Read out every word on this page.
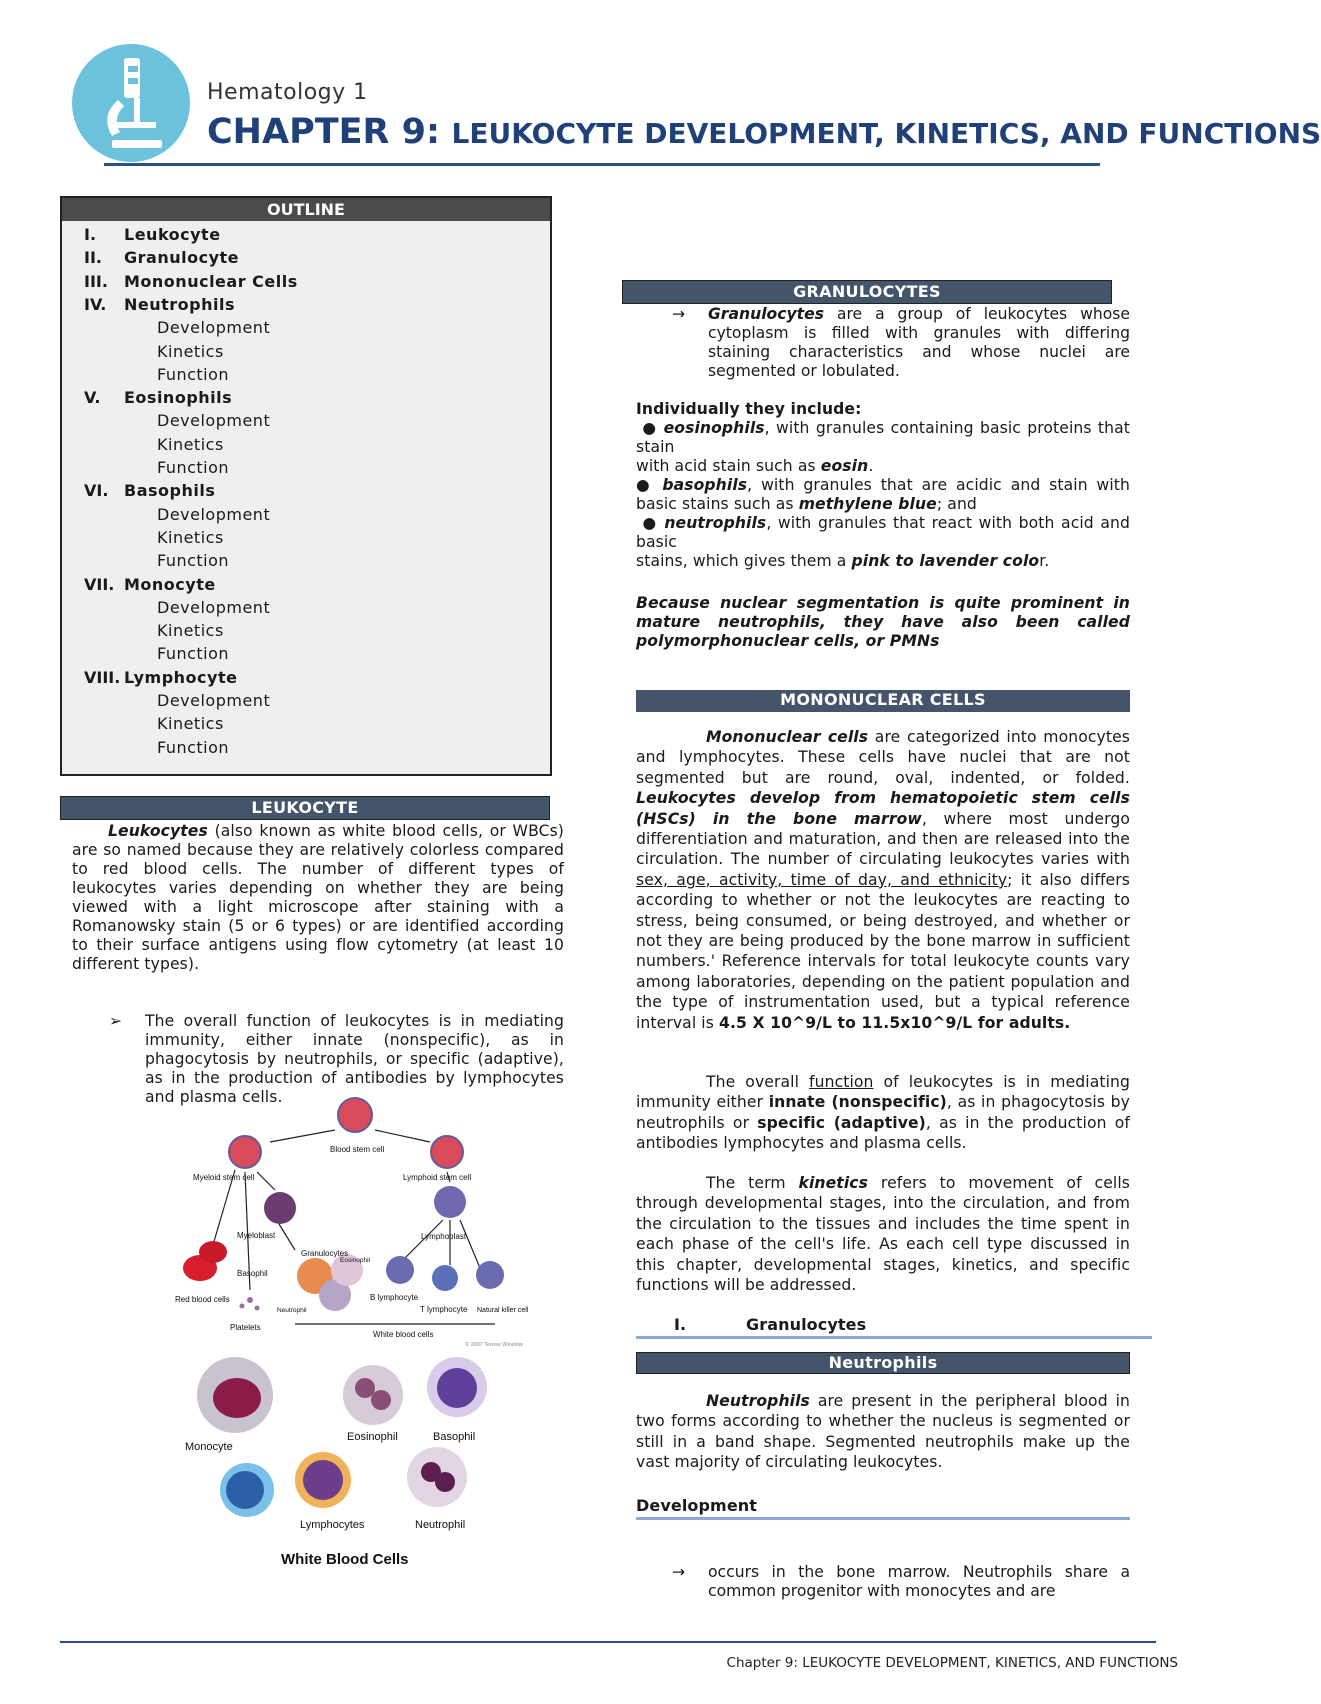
Hematology 1
CHAPTER 9: LEUKOCYTE DEVELOPMENT, KINETICS, AND FUNCTIONS
OUTLINE
I. Leukocyte
II. Granulocyte
III. Mononuclear Cells
IV. Neutrophils
Development
Kinetics
Function
V. Eosinophils
Development
Kinetics
Function
VI. Basophils
Development
Kinetics
Function
VII. Monocyte
Development
Kinetics
Function
VIII. Lymphocyte
Development
Kinetics
Function
LEUKOCYTE
Leukocytes (also known as white blood cells, or WBCs) are so named because they are relatively colorless compared to red blood cells. The number of different types of leukocytes varies depending on whether they are being viewed with a light microscope after staining with a Romanowsky stain (5 or 6 types) or are identified according to their surface antigens using flow cytometry (at least 10 different types).
➢ The overall function of leukocytes is in mediating immunity, either innate (nonspecific), as in phagocytosis by neutrophils, or specific (adaptive), as in the production of antibodies by lymphocytes and plasma cells.
Blood stem cell
Myeloid stem cell	Lymphoid stem cell
Myeloblast	Lymphoblast
Granulocytes
Basophil
Eosinophil
Neutrophil
Red blood cells
Platelets
B lymphocyte
T lymphocyte Natural killer cell
White blood cells
© 2007 Terese Winslow
Monocyte
Eosinophil	Basophil
Lymphocytes	Neutrophil
White Blood Cells
GRANULOCYTES
→ Granulocytes are a group of leukocytes whose cytoplasm is filled with granules with differing staining characteristics and whose nuclei are segmented or lobulated.
Individually they include:
● eosinophils, with granules containing basic proteins that stain
with acid stain such as eosin.
● basophils, with granules that are acidic and stain with basic stains such as methylene blue; and
● neutrophils, with granules that react with both acid and basic
stains, which gives them a pink to lavender color.
Because nuclear segmentation is quite prominent in mature neutrophils, they have also been called polymorphonuclear cells, or PMNs
MONONUCLEAR CELLS
Mononuclear cells are categorized into monocytes and lymphocytes. These cells have nuclei that are not segmented but are round, oval, indented, or folded. Leukocytes develop from hematopoietic stem cells (HSCs) in the bone marrow, where most undergo differentiation and maturation, and then are released into the circulation. The number of circulating leukocytes varies with sex, age, activity, time of day, and ethnicity; it also differs according to whether or not the leukocytes are reacting to stress, being consumed, or being destroyed, and whether or not they are being produced by the bone marrow in sufficient numbers.' Reference intervals for total leukocyte counts vary among laboratories, depending on the patient population and the type of instrumentation used, but a typical reference interval is 4.5 X 10^9/L to 11.5x10^9/L for adults.
The overall function of leukocytes is in mediating immunity either innate (nonspecific), as in phagocytosis by neutrophils or specific (adaptive), as in the production of antibodies lymphocytes and plasma cells.
The term kinetics refers to movement of cells through developmental stages, into the circulation, and from the circulation to the tissues and includes the time spent in each phase of the cell's life. As each cell type discussed in this chapter, developmental stages, kinetics, and specific functions will be addressed.
I.	Granulocytes
Neutrophils
Neutrophils are present in the peripheral blood in two forms according to whether the nucleus is segmented or still in a band shape. Segmented neutrophils make up the vast majority of circulating leukocytes.
Development
→ occurs in the bone marrow. Neutrophils share a common progenitor with monocytes and are
Chapter 9: LEUKOCYTE DEVELOPMENT, KINETICS, AND FUNCTIONS
